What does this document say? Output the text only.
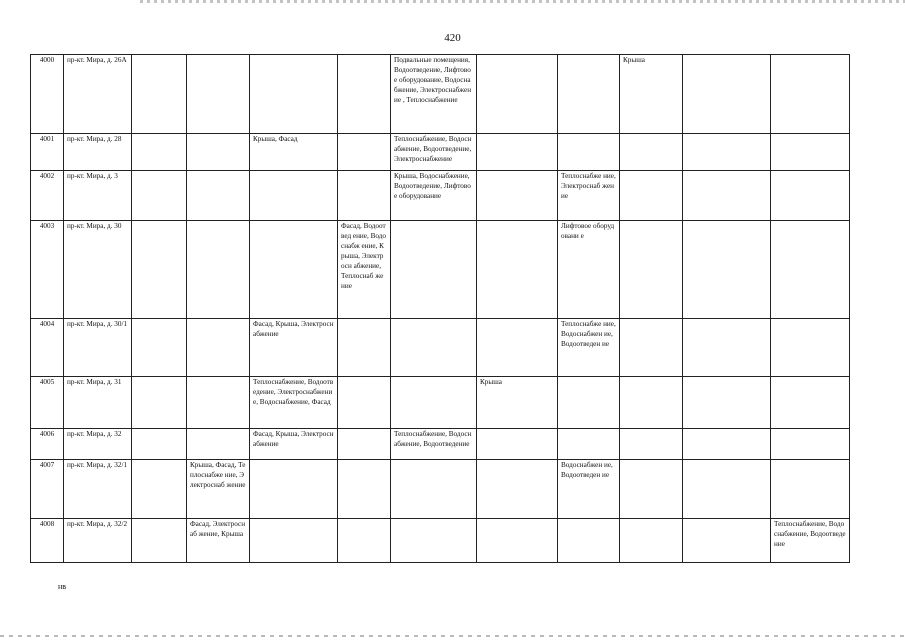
420
4000	пр-кт. Мира, д. 26А					Подвальные помещения, Водоотведение, Лифтовое оборудование, Водоснабжение, Электроснабжение , Теплоснабжение			Крыша		
4001	пр-кт. Мира, д. 28			Крыша, Фасад		Теплоснабжение, Водоснабжение, Водоотведение, Электроснабжение					
4002	пр-кт. Мира, д. 3					Крыша, Водоснабжение, Водоотведение, Лифтовое оборудование		Теплоснабже ние, Электроснаб жение			
4003	пр-кт. Мира, д. 30				Фасад, Водоотвед ение, Водоснабж ение, Крыша, Электросн абжение, Теплоснаб жение			Лифтовое оборудовани е			
4004	пр-кт. Мира, д. 30/1			Фасад, Крыша, Электроснабжение				Теплоснабже ние, Водоснабжен ие, Водоотведен ие			
4005	пр-кт. Мира, д. 31			Теплоснабжение, Водоотведение, Электроснабжение, Водоснабжение, Фасад			Крыша				
4006	пр-кт. Мира, д. 32			Фасад, Крыша, Электроснабжение		Теплоснабжение, Водоснабжение, Водоотведение					
4007	пр-кт. Мира, д. 32/1		Крыша, Фасад, Теплоснабже ние, Электроснаб жение					Водоснабжен ие, Водоотведен ие			
4008	пр-кт. Мира, д. 32/2		Фасад, Электроснаб жение, Крыша								Теплоснабжение, Водоснабжение, Водоотведение
нв
